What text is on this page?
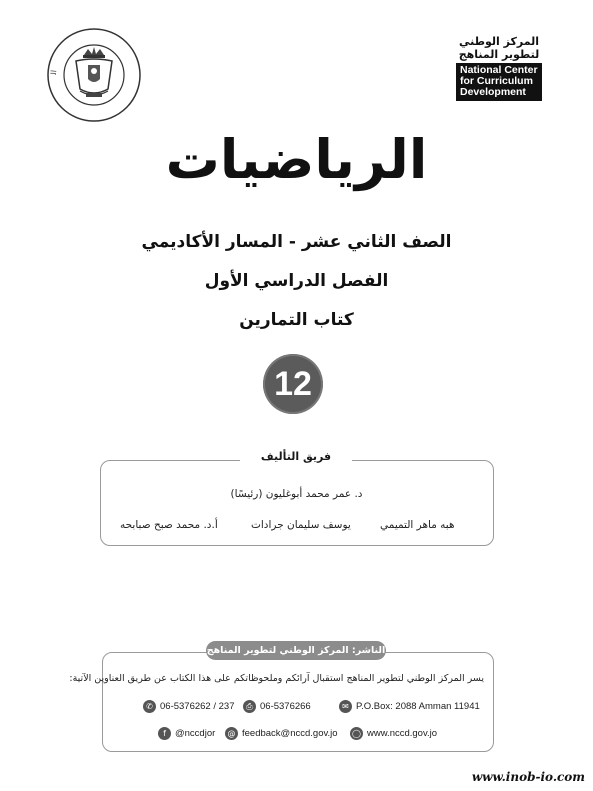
ال
المركز الوطني
لتطوير المناهج
National Center
for Curriculum
Development
الرياضيات
الصف الثاني عشر - المسار الأكاديمي
الفصل الدراسي الأول
كتاب التمارين
12
فريق التأليف
د. عمر محمد أبوغليون (رئيسًا)
هبه ماهر التميمي
يوسف سليمان جرادات
أ.د. محمد صبح صبابحه
الناشر: المركز الوطني لتطوير المناهج
يسر المركز الوطني لتطوير المناهج استقبال آرائكم وملحوظاتكم على هذا الكتاب عن طريق العناوين الآتية:
✆ 06-5376262 / 237	⎙ 06-5376266	✉ P.O.Box: 2088 Amman 11941
f @nccdjor	@ feedback@nccd.gov.jo ◯ www.nccd.gov.jo
www.inob-io.com
